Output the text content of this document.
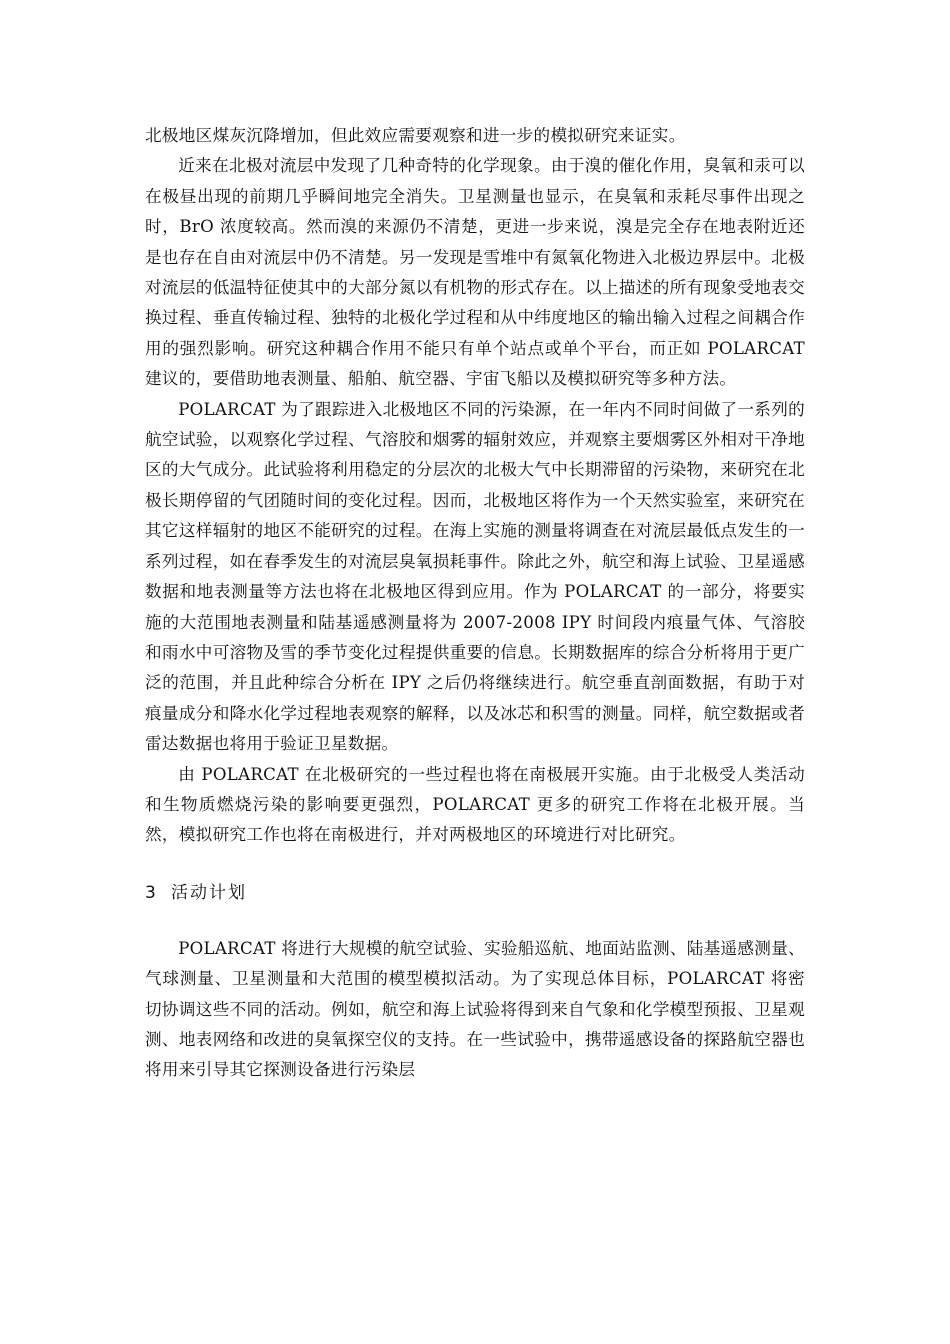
北极地区煤灰沉降增加，但此效应需要观察和进一步的模拟研究来证实。

近来在北极对流层中发现了几种奇特的化学现象。由于溴的催化作用，臭氧和汞可以在极昼出现的前期几乎瞬间地完全消失。卫星测量也显示，在臭氧和汞耗尽事件出现之时，BrO 浓度较高。然而溴的来源仍不清楚，更进一步来说，溴是完全存在地表附近还是也存在自由对流层中仍不清楚。另一发现是雪堆中有氮氧化物进入北极边界层中。北极对流层的低温特征使其中的大部分氮以有机物的形式存在。以上描述的所有现象受地表交换过程、垂直传输过程、独特的北极化学过程和从中纬度地区的输出输入过程之间耦合作用的强烈影响。研究这种耦合作用不能只有单个站点或单个平台，而正如 POLARCAT 建议的，要借助地表测量、船舶、航空器、宇宙飞船以及模拟研究等多种方法。

POLARCAT 为了跟踪进入北极地区不同的污染源，在一年内不同时间做了一系列的航空试验，以观察化学过程、气溶胶和烟雾的辐射效应，并观察主要烟雾区外相对干净地区的大气成分。此试验将利用稳定的分层次的北极大气中长期滞留的污染物，来研究在北极长期停留的气团随时间的变化过程。因而，北极地区将作为一个天然实验室，来研究在其它这样辐射的地区不能研究的过程。在海上实施的测量将调查在对流层最低点发生的一系列过程，如在春季发生的对流层臭氧损耗事件。除此之外，航空和海上试验、卫星遥感数据和地表测量等方法也将在北极地区得到应用。作为 POLARCAT 的一部分，将要实施的大范围地表测量和陆基遥感测量将为 2007-2008 IPY 时间段内痕量气体、气溶胶和雨水中可溶物及雪的季节变化过程提供重要的信息。长期数据库的综合分析将用于更广泛的范围，并且此种综合分析在 IPY 之后仍将继续进行。航空垂直剖面数据，有助于对痕量成分和降水化学过程地表观察的解释，以及冰芯和积雪的测量。同样，航空数据或者雷达数据也将用于验证卫星数据。

由 POLARCAT 在北极研究的一些过程也将在南极展开实施。由于北极受人类活动和生物质燃烧污染的影响要更强烈，POLARCAT 更多的研究工作将在北极开展。当然，模拟研究工作也将在南极进行，并对两极地区的环境进行对比研究。

3 活动计划

POLARCAT 将进行大规模的航空试验、实验船巡航、地面站监测、陆基遥感测量、气球测量、卫星测量和大范围的模型模拟活动。为了实现总体目标，POLARCAT 将密切协调这些不同的活动。例如，航空和海上试验将得到来自气象和化学模型预报、卫星观测、地表网络和改进的臭氧探空仪的支持。在一些试验中，携带遥感设备的探路航空器也将用来引导其它探测设备进行污染层
